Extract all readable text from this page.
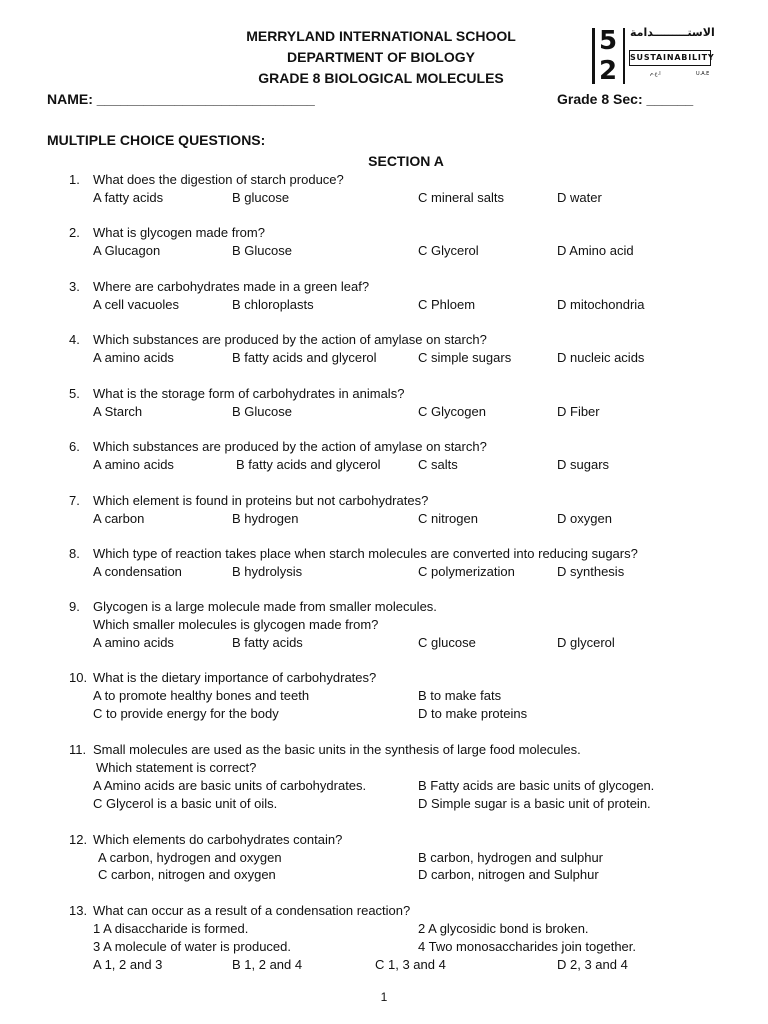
MERRYLAND INTERNATIONAL SCHOOL
DEPARTMENT OF BIOLOGY
GRADE 8 BIOLOGICAL MOLECULES
5
2
الاستـــــــــدامة
SUSTAINABILITY
ﺍ.ﻉ.ﻡ	U.A.E
NAME: ____________________________	Grade 8 Sec: ______
MULTIPLE CHOICE QUESTIONS:
SECTION A
1. What does the digestion of starch produce?
A fatty acids	B glucose	C mineral salts	D water
2. What is glycogen made from?
A Glucagon	B Glucose	C Glycerol	D Amino acid
3. Where are carbohydrates made in a green leaf?
A cell vacuoles	B chloroplasts	C Phloem	D mitochondria
4. Which substances are produced by the action of amylase on starch?
A amino acids	B fatty acids and glycerol	C simple sugars	D nucleic acids
5. What is the storage form of carbohydrates in animals?
A Starch	B Glucose	C Glycogen	D Fiber
6. Which substances are produced by the action of amylase on starch?
A amino acids	B fatty acids and glycerol	C salts	D sugars
7. Which element is found in proteins but not carbohydrates?
A carbon	B hydrogen	C nitrogen	D oxygen
8. Which type of reaction takes place when starch molecules are converted into reducing sugars?
A condensation	B hydrolysis	C polymerization	D synthesis
9. Glycogen is a large molecule made from smaller molecules.
Which smaller molecules is glycogen made from?
A amino acids	B fatty acids	C glucose	D glycerol
10. What is the dietary importance of carbohydrates?
A to promote healthy bones and teeth	B to make fats
C to provide energy for the body	D to make proteins
11. Small molecules are used as the basic units in the synthesis of large food molecules.
Which statement is correct?
A Amino acids are basic units of carbohydrates.	B Fatty acids are basic units of glycogen.
C Glycerol is a basic unit of oils.	D Simple sugar is a basic unit of protein.
12. Which elements do carbohydrates contain?
A carbon, hydrogen and oxygen	B carbon, hydrogen and sulphur
C carbon, nitrogen and oxygen	D carbon, nitrogen and Sulphur
13. What can occur as a result of a condensation reaction?
1 A disaccharide is formed.	2 A glycosidic bond is broken.
3 A molecule of water is produced.	4 Two monosaccharides join together.
A 1, 2 and 3	B 1, 2 and 4	C 1, 3 and 4	D 2, 3 and 4
1
